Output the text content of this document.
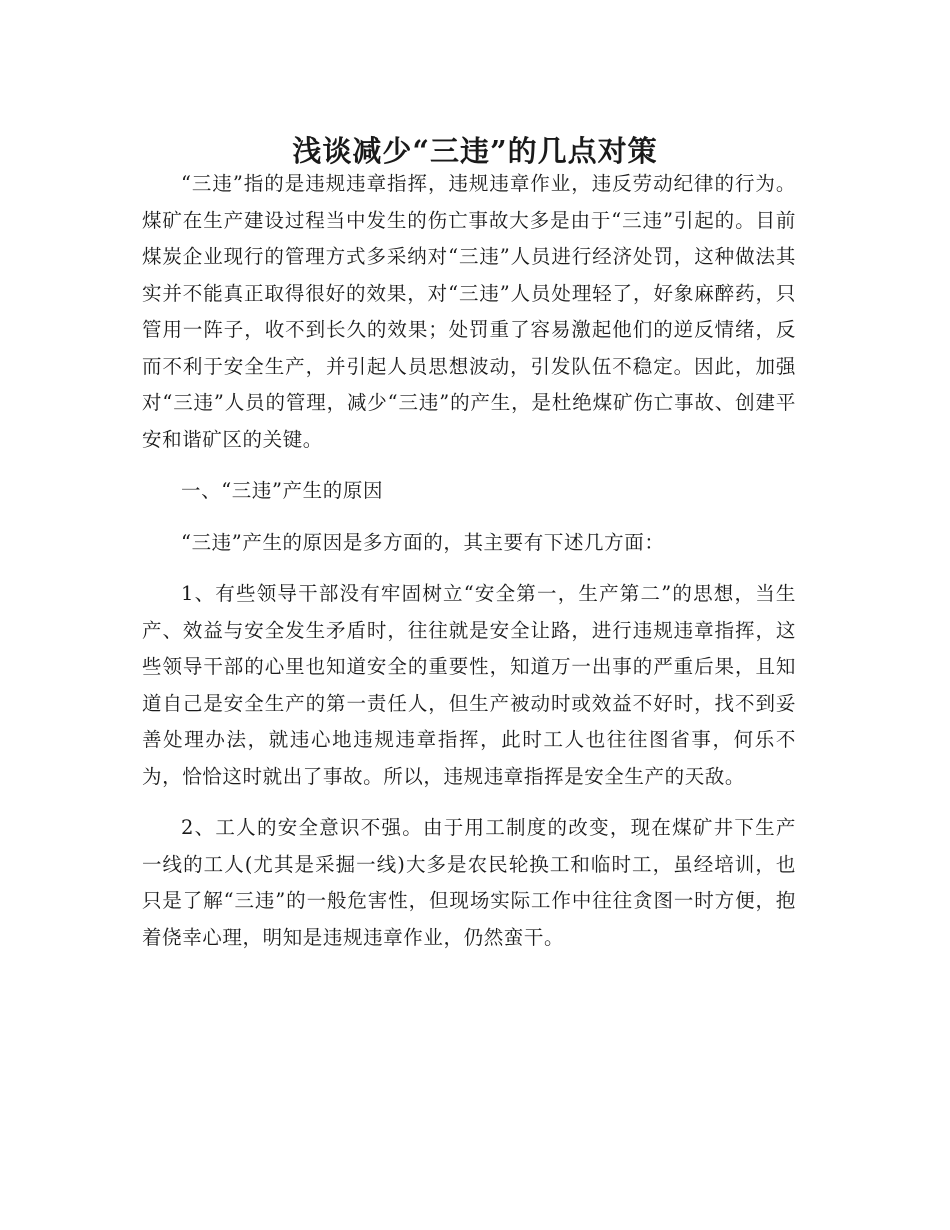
浅谈减少“三违”的几点对策

“三违”指的是违规违章指挥，违规违章作业，违反劳动纪律的行为。煤矿在生产建设过程当中发生的伤亡事故大多是由于“三违”引起的。目前煤炭企业现行的管理方式多采纳对“三违”人员进行经济处罚，这种做法其实并不能真正取得很好的效果，对“三违”人员处理轻了，好象麻醉药，只管用一阵子，收不到长久的效果；处罚重了容易激起他们的逆反情绪，反而不利于安全生产，并引起人员思想波动，引发队伍不稳定。因此，加强对“三违”人员的管理，减少“三违”的产生，是杜绝煤矿伤亡事故、创建平安和谐矿区的关键。

一、“三违”产生的原因

“三违”产生的原因是多方面的，其主要有下述几方面：

1、有些领导干部没有牢固树立“安全第一，生产第二”的思想，当生产、效益与安全发生矛盾时，往往就是安全让路，进行违规违章指挥，这些领导干部的心里也知道安全的重要性，知道万一出事的严重后果，且知道自己是安全生产的第一责任人，但生产被动时或效益不好时，找不到妥善处理办法，就违心地违规违章指挥，此时工人也往往图省事，何乐不为，恰恰这时就出了事故。所以，违规违章指挥是安全生产的天敌。

2、工人的安全意识不强。由于用工制度的改变，现在煤矿井下生产一线的工人(尤其是采掘一线)大多是农民轮换工和临时工，虽经培训，也只是了解“三违”的一般危害性，但现场实际工作中往往贪图一时方便，抱着侥幸心理，明知是违规违章作业，仍然蛮干。
